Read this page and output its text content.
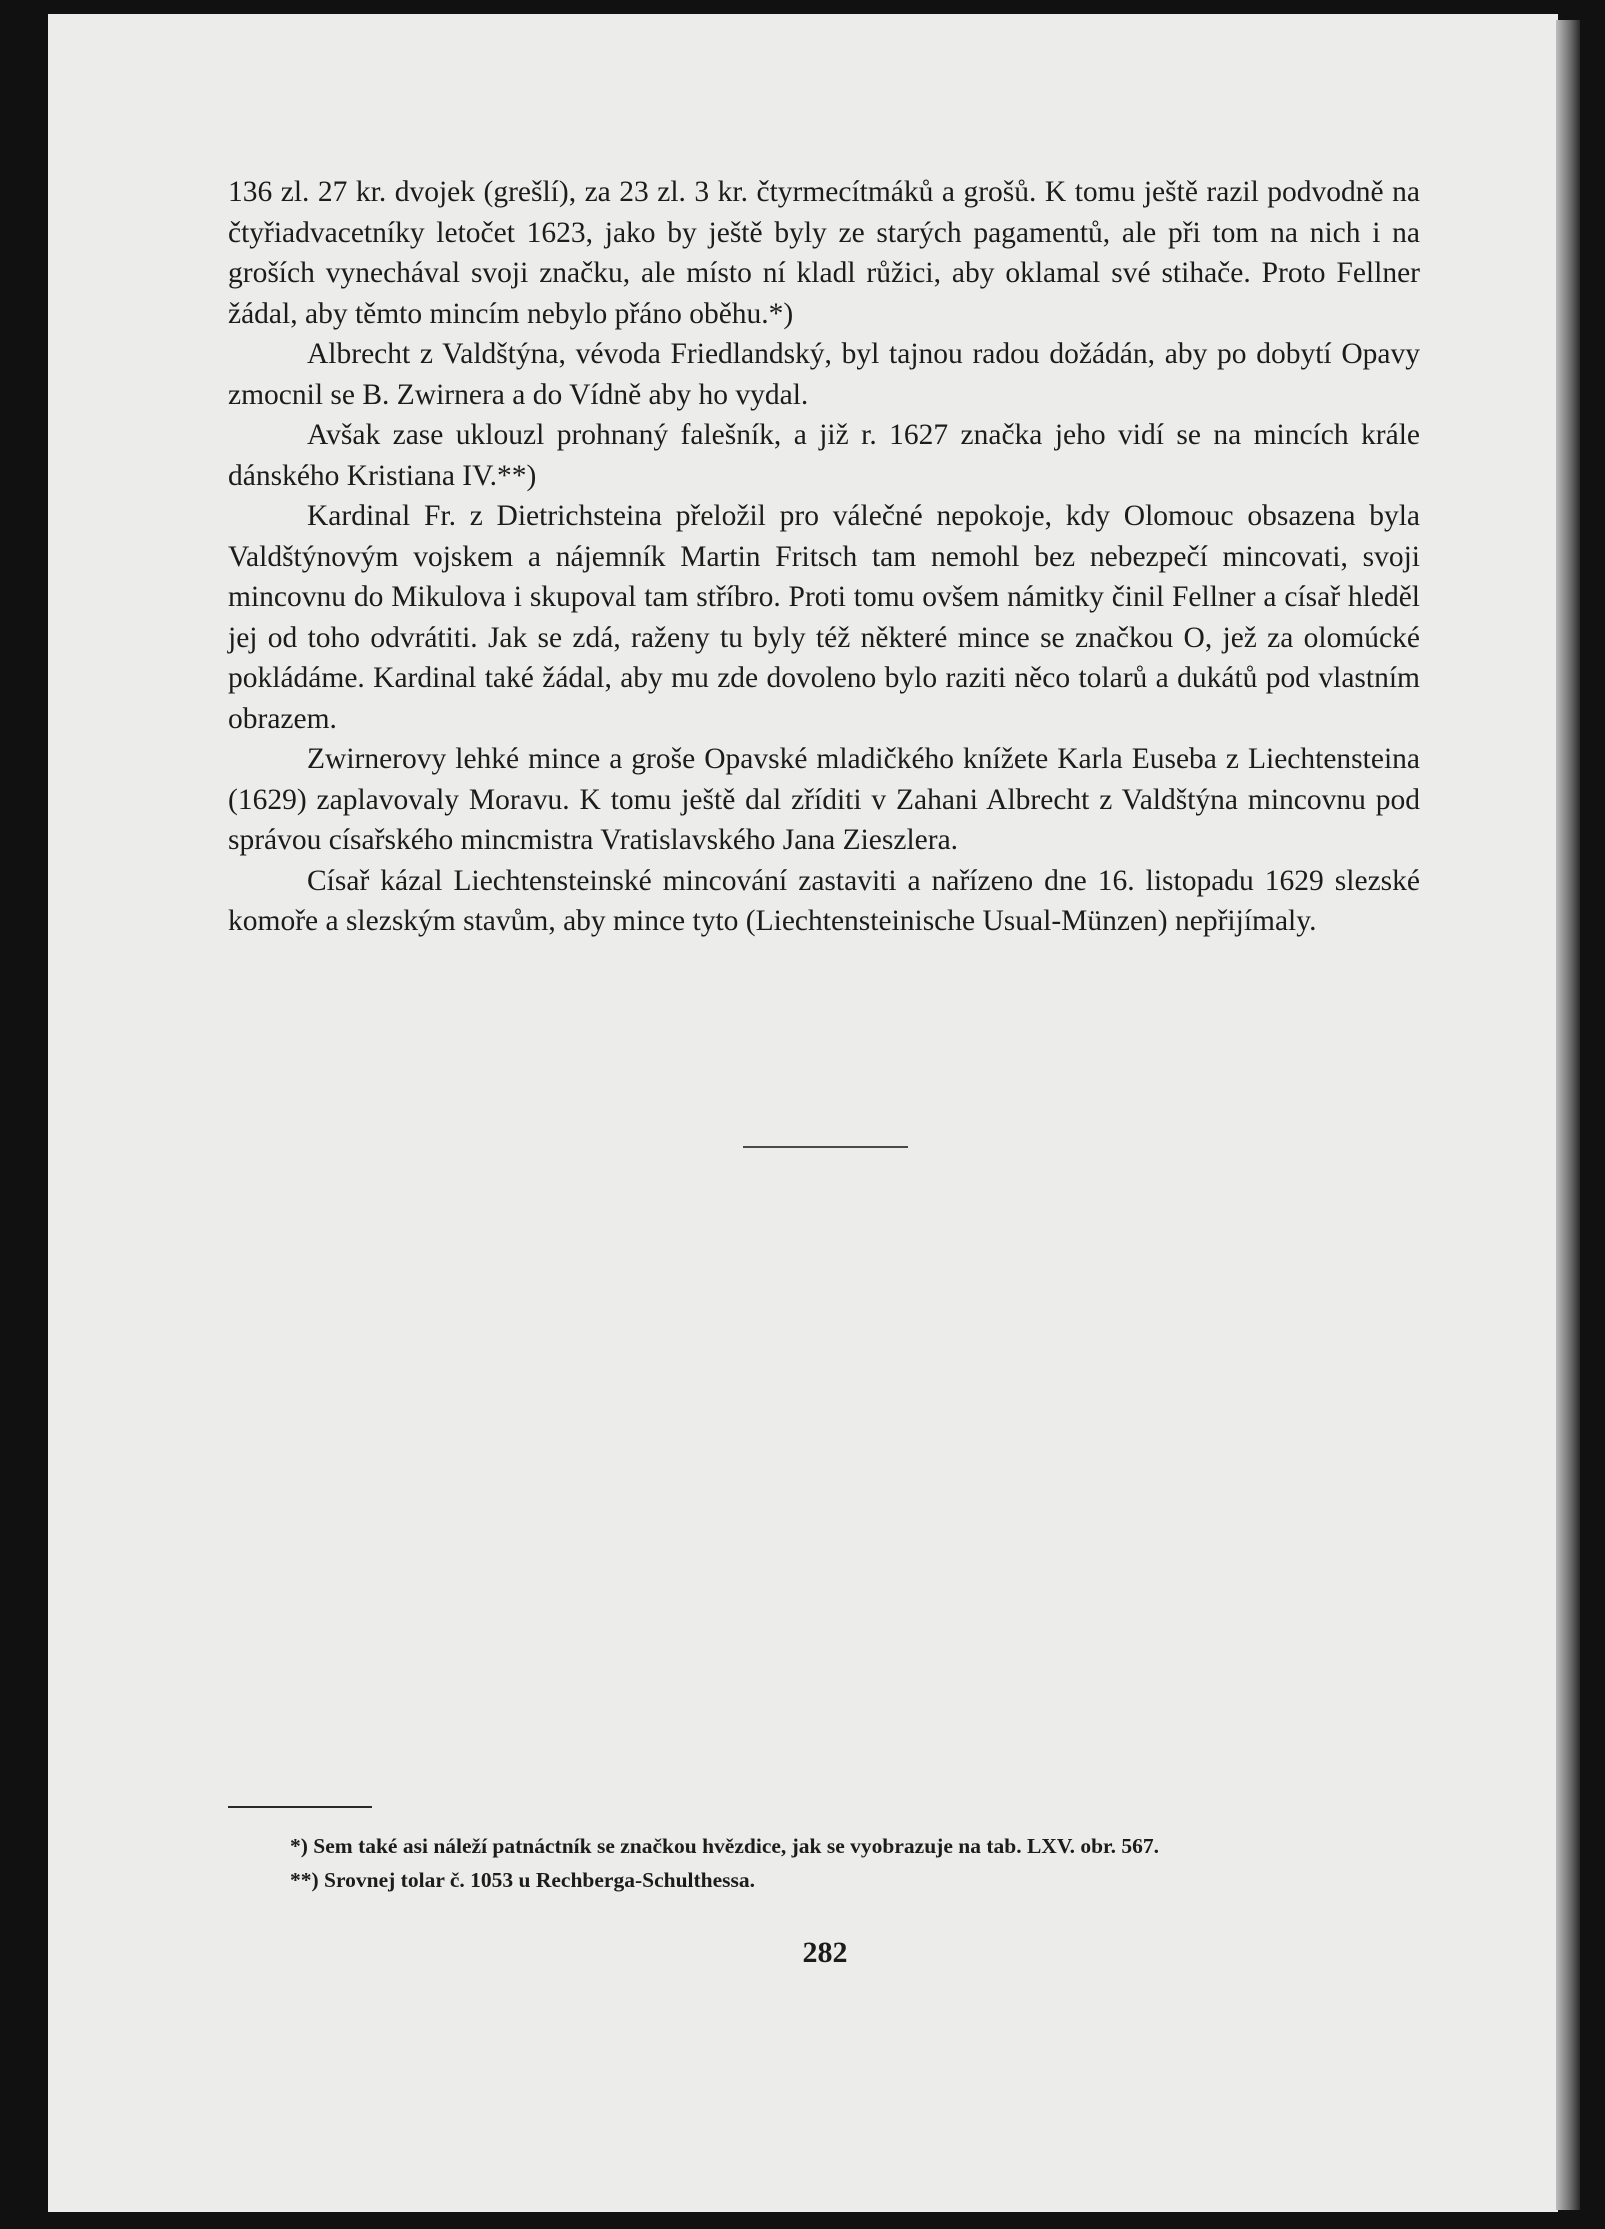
136 zl. 27 kr. dvojek (grešlí), za 23 zl. 3 kr. čtyrmecítmáků a grošů. K tomu ještě razil podvodně na čtyřiadvacetníky letočet 1623, jako by ještě byly ze starých pagamentů, ale při tom na nich i na groších vynechával svoji značku, ale místo ní kladl růžici, aby oklamal své stihače. Proto Fellner žádal, aby těmto mincím nebylo přáno oběhu.*)

Albrecht z Valdštýna, vévoda Friedlandský, byl tajnou radou dožádán, aby po dobytí Opavy zmocnil se B. Zwirnera a do Vídně aby ho vydal.

Avšak zase uklouzl prohnaný falešník, a již r. 1627 značka jeho vidí se na mincích krále dánského Kristiana IV.**)

Kardinal Fr. z Dietrichsteina přeložil pro válečné nepokoje, kdy Olomouc obsazena byla Valdštýnovým vojskem a nájemník Martin Fritsch tam nemohl bez nebezpečí mincovati, svoji mincovnu do Mikulova i skupoval tam stříbro. Proti tomu ovšem námitky činil Fellner a císař hleděl jej od toho odvrátiti. Jak se zdá, raženy tu byly též některé mince se značkou O, jež za olomúcké pokládáme. Kardinal také žádal, aby mu zde dovoleno bylo raziti něco tolarů a dukátů pod vlastním obrazem.

Zwirnerovy lehké mince a groše Opavské mladičkého knížete Karla Euseba z Liechtensteina (1629) zaplavovaly Moravu. K tomu ještě dal zříditi v Zahani Albrecht z Valdštýna mincovnu pod správou císařského mincmistra Vratislavského Jana Zieszlera.

Císař kázal Liechtensteinské mincování zastaviti a nařízeno dne 16. listopadu 1629 slezské komoře a slezským stavům, aby mince tyto (Liechtensteinische Usual-Münzen) nepřijímaly.

*) Sem také asi náleží patnáctník se značkou hvězdice, jak se vyobrazuje na tab. LXV. obr. 567.
**) Srovnej tolar č. 1053 u Rechberga-Schulthessa.
282
